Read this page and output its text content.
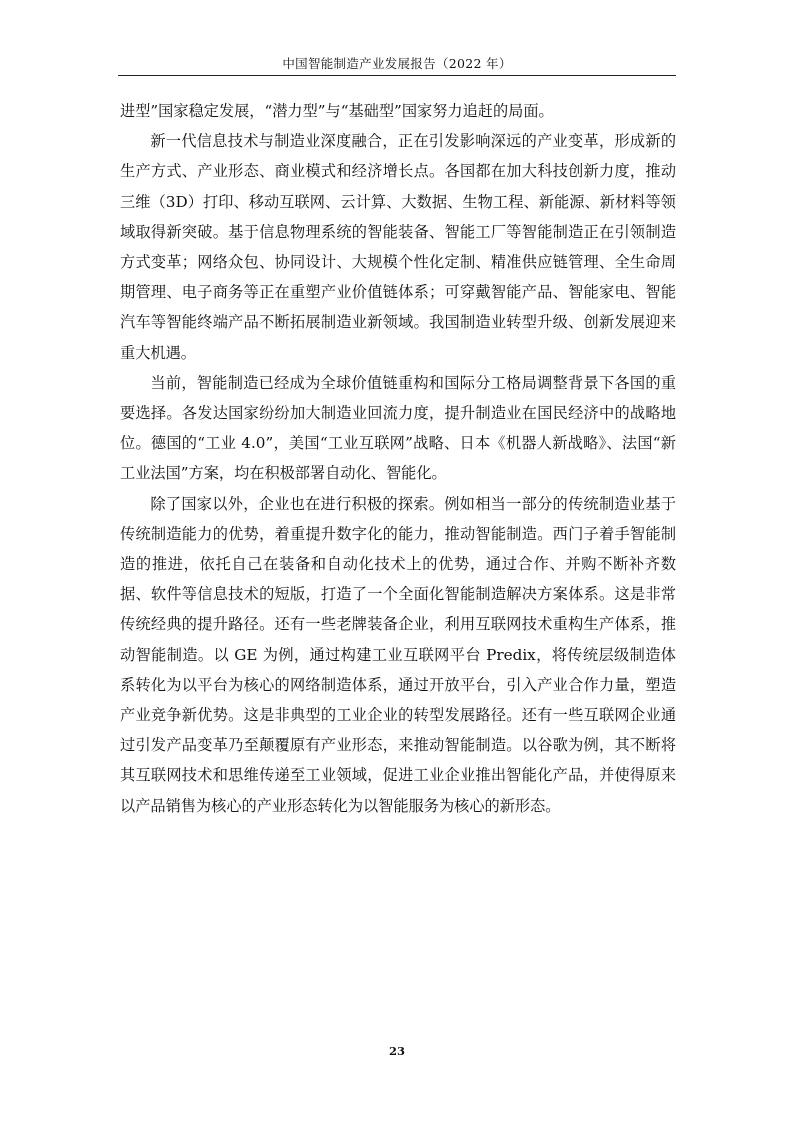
中国智能制造产业发展报告（2022 年）

进型”国家稳定发展，“潜力型”与“基础型”国家努力追赶的局面。

新一代信息技术与制造业深度融合，正在引发影响深远的产业变革，形成新的生产方式、产业形态、商业模式和经济增长点。各国都在加大科技创新力度，推动三维（3D）打印、移动互联网、云计算、大数据、生物工程、新能源、新材料等领域取得新突破。基于信息物理系统的智能装备、智能工厂等智能制造正在引领制造方式变革；网络众包、协同设计、大规模个性化定制、精准供应链管理、全生命周期管理、电子商务等正在重塑产业价值链体系；可穿戴智能产品、智能家电、智能汽车等智能终端产品不断拓展制造业新领域。我国制造业转型升级、创新发展迎来重大机遇。

当前，智能制造已经成为全球价值链重构和国际分工格局调整背景下各国的重要选择。各发达国家纷纷加大制造业回流力度，提升制造业在国民经济中的战略地位。德国的“工业 4.0”，美国“工业互联网”战略、日本《机器人新战略》、法国“新工业法国”方案，均在积极部署自动化、智能化。

除了国家以外，企业也在进行积极的探索。例如相当一部分的传统制造业基于传统制造能力的优势，着重提升数字化的能力，推动智能制造。西门子着手智能制造的推进，依托自己在装备和自动化技术上的优势，通过合作、并购不断补齐数据、软件等信息技术的短版，打造了一个全面化智能制造解决方案体系。这是非常传统经典的提升路径。还有一些老牌装备企业，利用互联网技术重构生产体系，推动智能制造。以 GE 为例，通过构建工业互联网平台 Predix，将传统层级制造体系转化为以平台为核心的网络制造体系，通过开放平台，引入产业合作力量，塑造产业竞争新优势。这是非典型的工业企业的转型发展路径。还有一些互联网企业通过引发产品变革乃至颠覆原有产业形态，来推动智能制造。以谷歌为例，其不断将其互联网技术和思维传递至工业领域，促进工业企业推出智能化产品，并使得原来以产品销售为核心的产业形态转化为以智能服务为核心的新形态。

23
